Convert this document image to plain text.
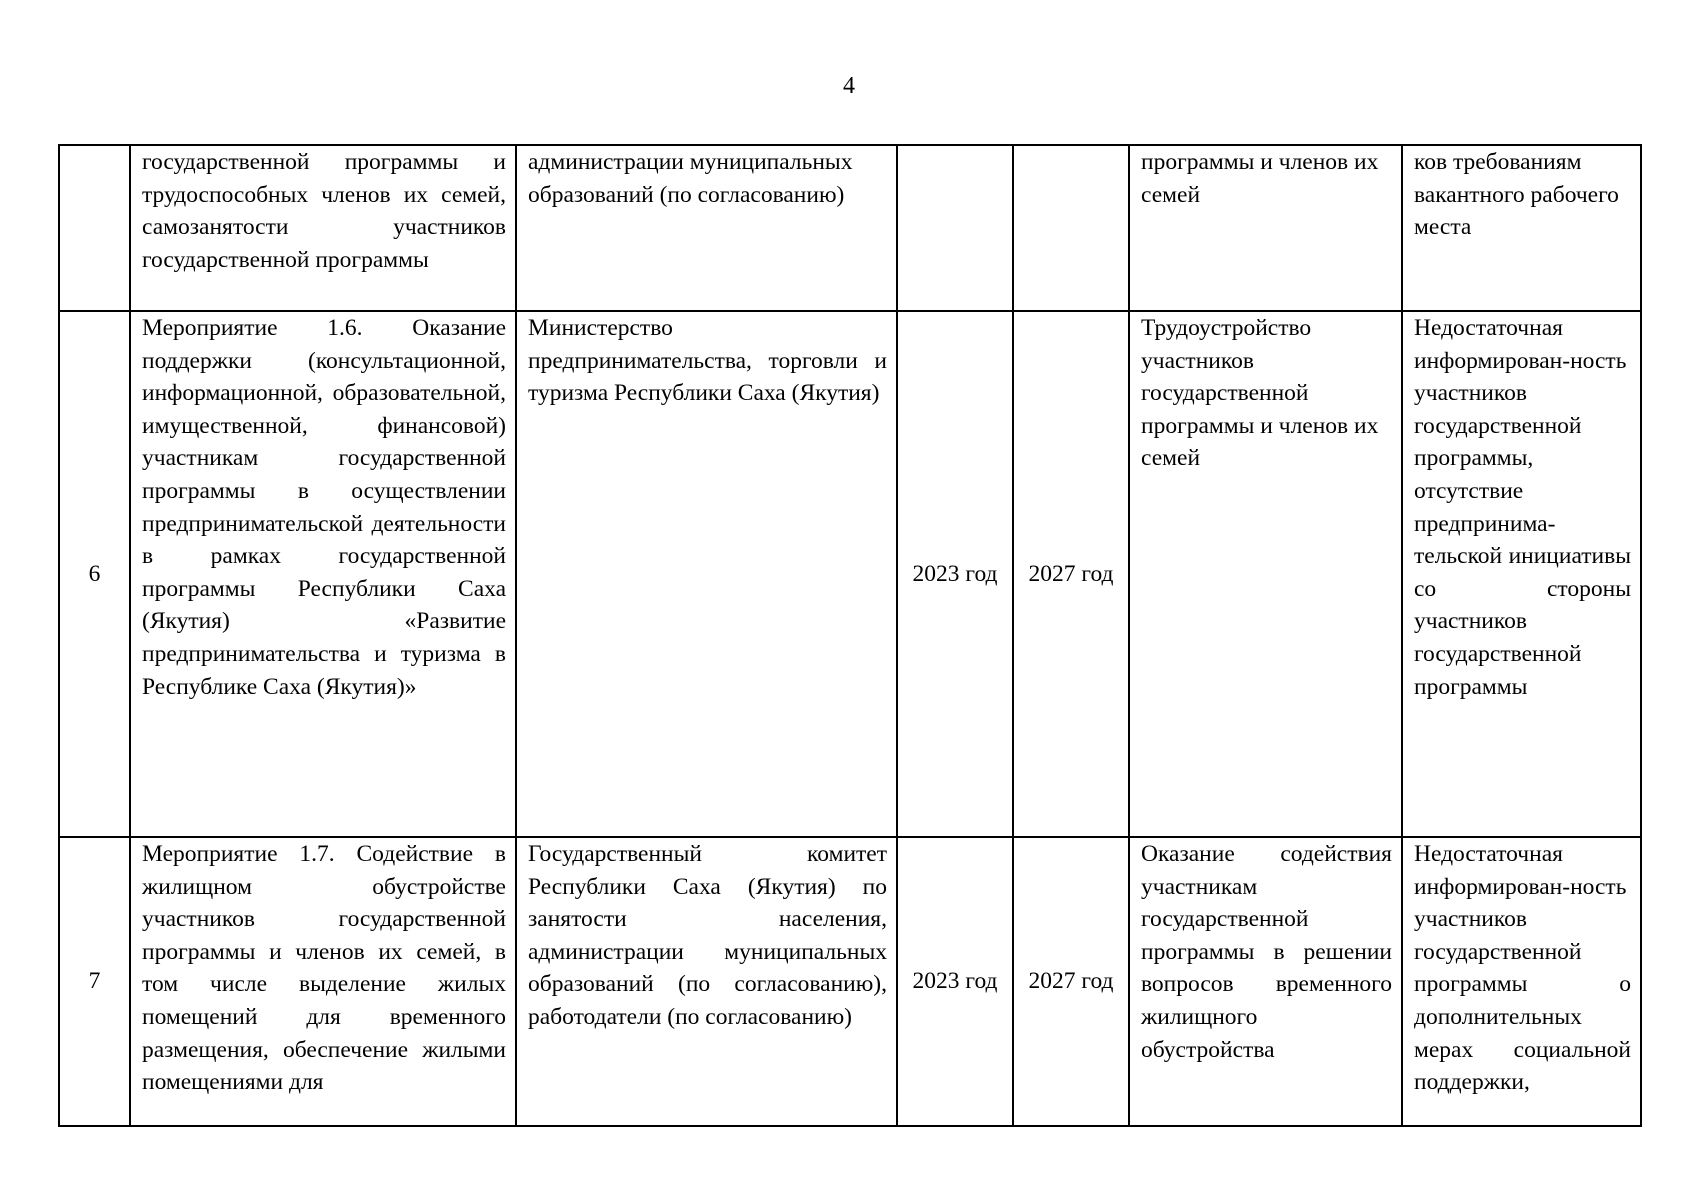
4
	государственной программы и трудоспособных членов их семей, самозанятости участников государственной программы	администрации муниципальных образований (по согласованию)			программы и членов их семей	ков требованиям вакантного рабочего места
6	Мероприятие 1.6. Оказание поддержки (консультационной, информационной, образовательной, имущественной, финансовой) участникам государственной программы в осуществлении предпринимательской деятельности в рамках государственной программы Республики Саха (Якутия) «Развитие предпринимательства и туризма в Республике Саха (Якутия)»	Министерство предпринимательства, торговли и туризма Республики Саха (Якутия)	2023 год	2027 год	Трудоустройство участников государственной программы и членов их семей	Недостаточная информирован-ность участников государственной программы, отсутствие предпринима-тельской инициативы со стороны участников государственной программы
7	Мероприятие 1.7. Содействие в жилищном обустройстве участников государственной программы и членов их семей, в том числе выделение жилых помещений для временного размещения, обеспечение жилыми помещениями для	Государственный комитет Республики Саха (Якутия) по занятости населения, администрации муниципальных образований (по согласованию), работодатели (по согласованию)	2023 год	2027 год	Оказание содействия участникам государственной программы в решении вопросов временного жилищного обустройства	Недостаточная информирован-ность участников государственной программы о дополнительных мерах социальной поддержки,
